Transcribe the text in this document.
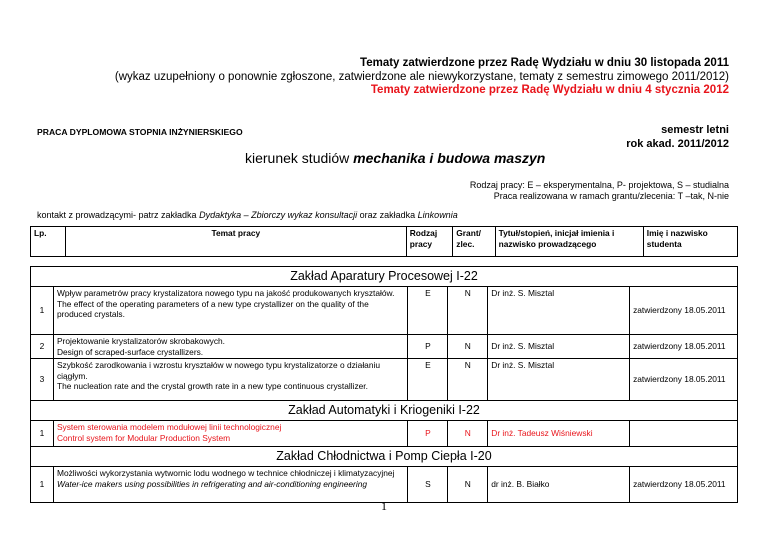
Tematy zatwierdzone przez Radę Wydziału w dniu 30 listopada 2011
(wykaz uzupełniony o ponownie zgłoszone, zatwierdzone ale niewykorzystane, tematy z semestru zimowego 2011/2012)
Tematy zatwierdzone przez Radę Wydziału w dniu 4 stycznia 2012
PRACA DYPLOMOWA STOPNIA INŻYNIERSKIEGO	semestr letni
rok akad. 2011/2012
kierunek studiów mechanika i budowa maszyn
Rodzaj pracy: E – eksperymentalna, P- projektowa, S – studialna
Praca realizowana w ramach grantu/zlecenia: T –tak, N-nie
kontakt z prowadzącymi- patrz zakładka Dydaktyka – Zbiorczy wykaz konsultacji oraz zakładka Linkownia
Lp.	Temat pracy	Rodzaj pracy	Grant/ zlec.	Tytuł/stopień, inicjał imienia i nazwisko prowadzącego	Imię i nazwisko studenta
Zakład Aparatury Procesowej I-22					
1	Wpływ parametrów pracy krystalizatora nowego typu na jakość produkowanych kryształów.
The effect of the operating parameters of a new type crystallizer on the quality of the produced crystals.	E	N	Dr inż. S. Misztal	zatwierdzony 18.05.2011
2	Projektowanie krystalizatorów skrobakowych.
Design of scraped-surface crystallizers.	P	N	Dr inż. S. Misztal	zatwierdzony 18.05.2011
3	Szybkość zarodkowania i wzrostu kryształów w nowego typu krystalizatorze o działaniu ciągłym.
The nucleation rate and the crystal growth rate in a new type continuous crystallizer.	E	N	Dr inż. S. Misztal	zatwierdzony 18.05.2011
Zakład Automatyki i Kriogeniki I-22					
1	System sterowania modelem modułowej linii technologicznej
Control system for Modular Production System	P	N	Dr inż. Tadeusz Wiśniewski	
Zakład Chłodnictwa i Pomp Ciepła I-20					
1	Możliwości wykorzystania wytwornic lodu wodnego w technice chłodniczej i klimatyzacyjnej
Water-ice makers using possibilities in refrigerating and air-conditioning engineering	S	N	dr inż. B. Białko	zatwierdzony 18.05.2011
1
